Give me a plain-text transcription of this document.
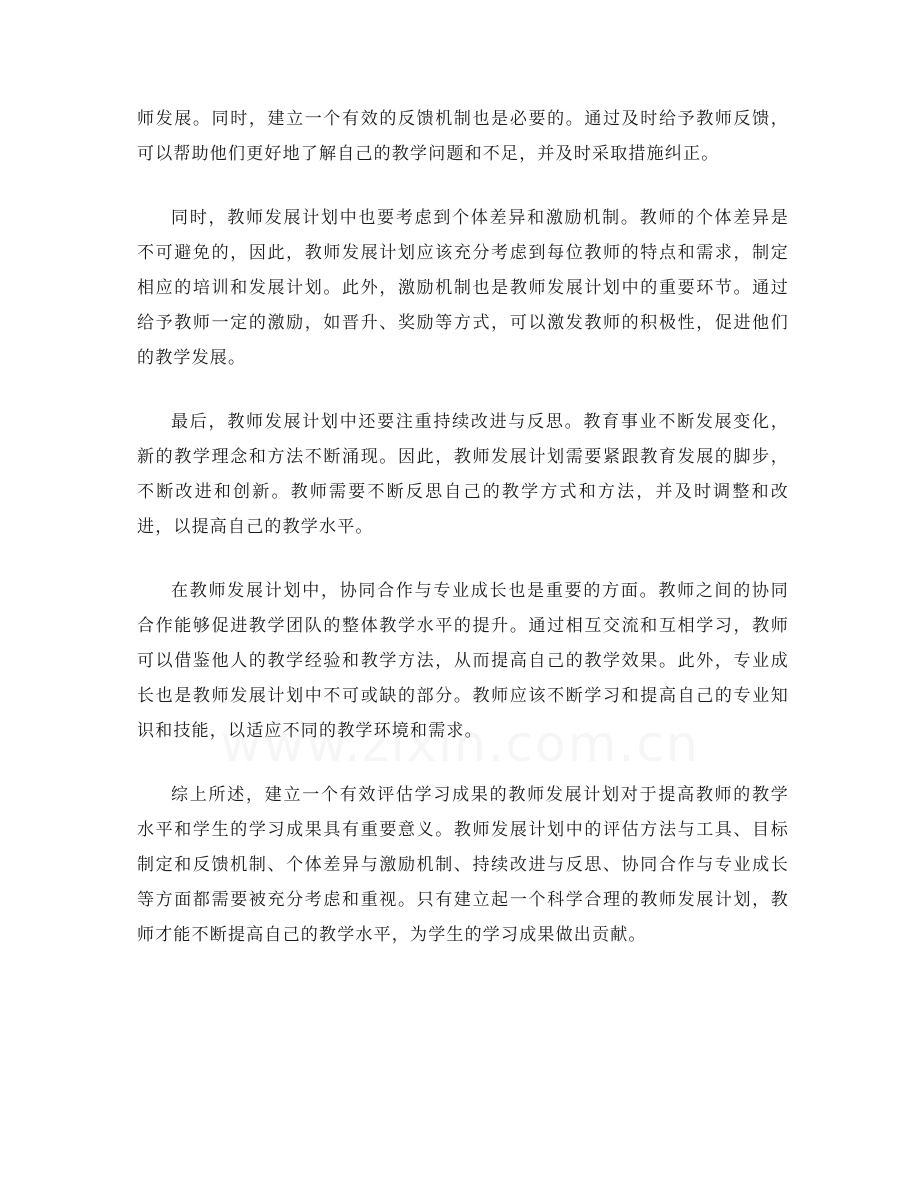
师发展。同时，建立一个有效的反馈机制也是必要的。通过及时给予教师反馈，可以帮助他们更好地了解自己的教学问题和不足，并及时采取措施纠正。

同时，教师发展计划中也要考虑到个体差异和激励机制。教师的个体差异是不可避免的，因此，教师发展计划应该充分考虑到每位教师的特点和需求，制定相应的培训和发展计划。此外，激励机制也是教师发展计划中的重要环节。通过给予教师一定的激励，如晋升、奖励等方式，可以激发教师的积极性，促进他们的教学发展。

最后，教师发展计划中还要注重持续改进与反思。教育事业不断发展变化，新的教学理念和方法不断涌现。因此，教师发展计划需要紧跟教育发展的脚步，不断改进和创新。教师需要不断反思自己的教学方式和方法，并及时调整和改进，以提高自己的教学水平。

在教师发展计划中，协同合作与专业成长也是重要的方面。教师之间的协同合作能够促进教学团队的整体教学水平的提升。通过相互交流和互相学习，教师可以借鉴他人的教学经验和教学方法，从而提高自己的教学效果。此外，专业成长也是教师发展计划中不可或缺的部分。教师应该不断学习和提高自己的专业知识和技能，以适应不同的教学环境和需求。

综上所述，建立一个有效评估学习成果的教师发展计划对于提高教师的教学水平和学生的学习成果具有重要意义。教师发展计划中的评估方法与工具、目标制定和反馈机制、个体差异与激励机制、持续改进与反思、协同合作与专业成长等方面都需要被充分考虑和重视。只有建立起一个科学合理的教师发展计划，教师才能不断提高自己的教学水平，为学生的学习成果做出贡献。
